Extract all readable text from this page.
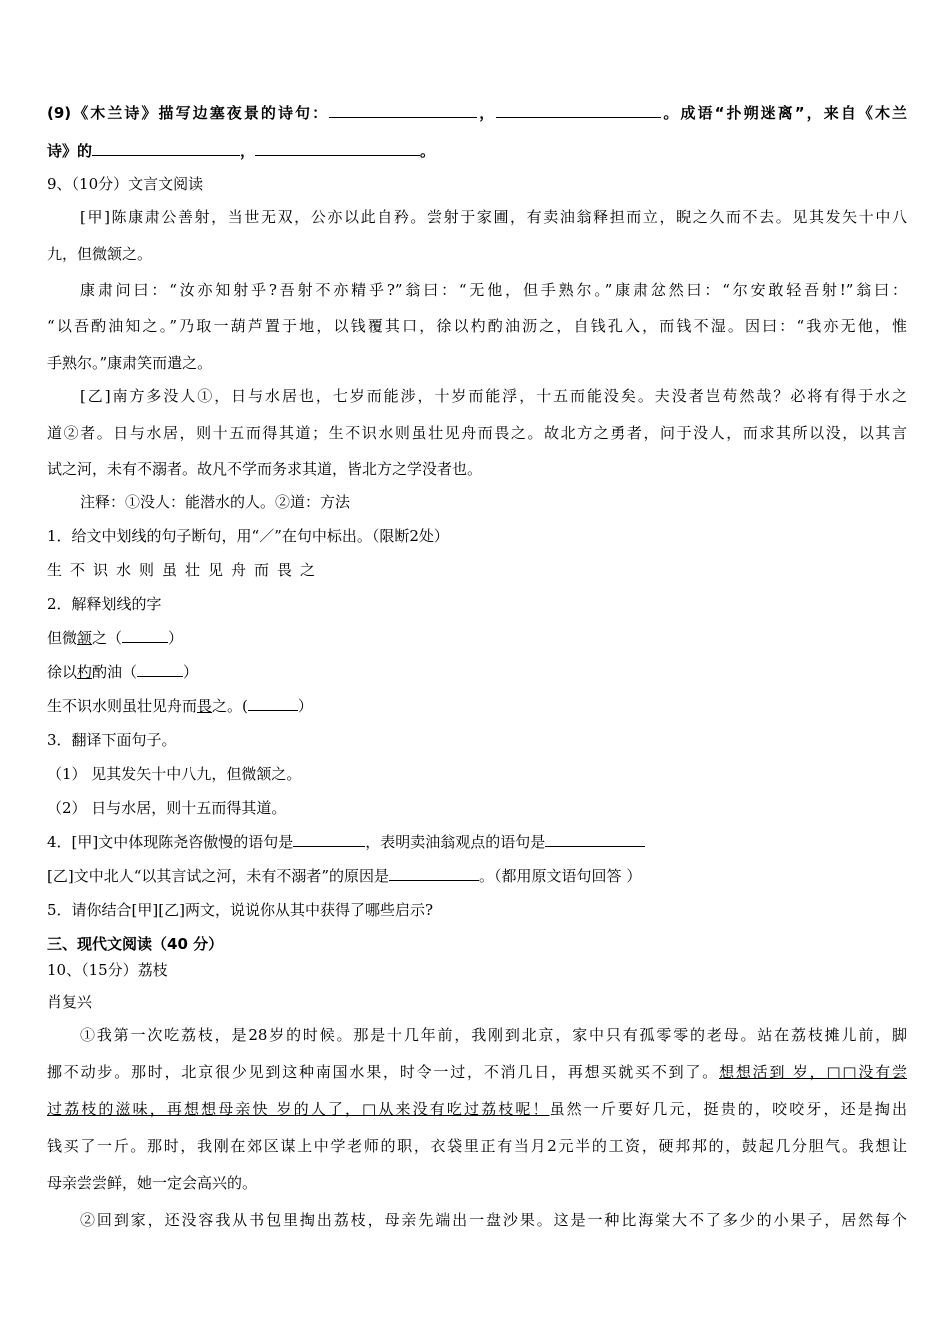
(9)《木兰诗》描写边塞夜景的诗句：	，	。成语“扑朔迷离”，来自《木兰
诗》的	，	。
9、（10分）文言文阅读
[甲]陈康肃公善射，当世无双，公亦以此自矜。尝射于家圃，有卖油翁释担而立，睨之久而不去。见其发矢十中八
九，但微颔之。
康肃问曰：“汝亦知射乎?吾射不亦精乎?”翁曰：“无他，但手熟尔。”康肃忿然曰：“尔安敢轻吾射!”翁曰：
“以吾酌油知之。”乃取一葫芦置于地，以钱覆其口，徐以杓酌油沥之，自钱孔入，而钱不湿。因曰：“我亦无他，惟
手熟尔。”康肃笑而遣之。
[乙]南方多没人①，日与水居也，七岁而能涉，十岁而能浮，十五而能没矣。夫没者岂苟然哉？必将有得于水之
道②者。日与水居，则十五而得其道；生不识水则虽壮见舟而畏之。故北方之勇者，问于没人，而求其所以没，以其言
试之河，未有不溺者。故凡不学而务求其道，皆北方之学没者也。
注释：①没人：能潜水的人。②道：方法
1．给文中划线的句子断句，用“／”在句中标出。（限断2处）
生不识水则虽壮见舟而畏之
2．解释划线的字
但微颔之（	）
徐以杓酌油（	）
生不识水则虽壮见舟而畏之。(	）
3．翻译下面句子。
（1） 见其发矢十中八九，但微颔之。
（2） 日与水居，则十五而得其道。
4．[甲]文中体现陈尧咨傲慢的语句是	，表明卖油翁观点的语句是
[乙]文中北人“以其言试之河，未有不溺者”的原因是	。（都用原文语句回答 ）
5．请你结合[甲][乙]两文，说说你从其中获得了哪些启示?
三、现代文阅读（40 分）
10、（15分）荔枝
肖复兴
①我第一次吃荔枝，是28岁的时候。那是十几年前，我刚到北京，家中只有孤零零的老母。站在荔枝摊儿前，脚
挪不动步。那时，北京很少见到这种南国水果，时令一过，不消几日，再想买就买不到了。想想活到 岁，□□没有尝
过荔枝的滋味，再想想母亲快 岁的人了，□从来没有吃过荔枝呢！虽然一斤要好几元，挺贵的，咬咬牙，还是掏出
钱买了一斤。那时，我刚在郊区谋上中学老师的职，衣袋里正有当月2元半的工资，硬邦邦的，鼓起几分胆气。我想让
母亲尝尝鲜，她一定会高兴的。
②回到家，还没容我从书包里掏出荔枝，母亲先端出一盘沙果。这是一种比海棠大不了多少的小果子，居然每个
